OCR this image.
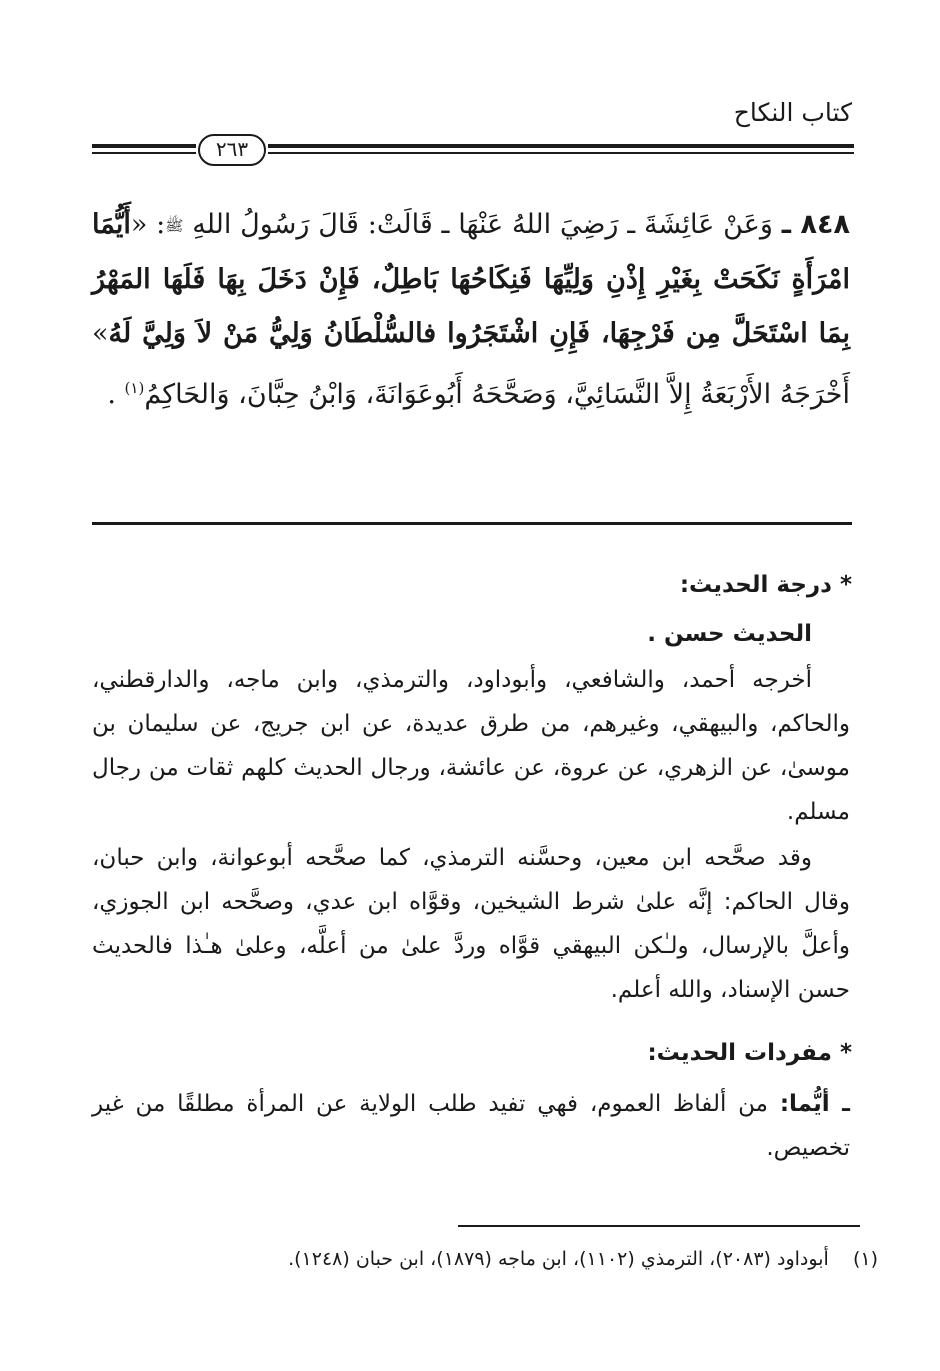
كتاب النكاح
٢٦٣
٨٤٨ ـ وَعَنْ عَائِشَةَ ـ رَضِيَ اللهُ عَنْهَا ـ قَالَتْ: قَالَ رَسُولُ اللهِ ﷺ: «أَيُّمَا امْرَأَةٍ نَكَحَتْ بِغَيْرِ إِذْنِ وَلِيِّهَا فَنِكَاحُهَا بَاطِلٌ، فَإِنْ دَخَلَ بِهَا فَلَهَا المَهْرُ بِمَا اسْتَحَلَّ مِن فَرْجِهَا، فَإِنِ اشْتَجَرُوا فالسُّلْطَانُ وَلِيُّ مَنْ لاَ وَلِيَّ لَهُ» أَخْرَجَهُ الأَرْبَعَةُ إِلاَّ النَّسَائِيَّ، وَصَحَّحَهُ أَبُوعَوَانَةَ، وَابْنُ حِبَّانَ، وَالحَاكِمُ$^{(١)}$ .
* درجة الحديث:
الحديث حسن .
أخرجه أحمد، والشافعي، وأبوداود، والترمذي، وابن ماجه، والدارقطني، والحاكم، والبيهقي، وغيرهم، من طرق عديدة، عن ابن جريج، عن سليمان بن موسىٰ، عن الزهري، عن عروة، عن عائشة، ورجال الحديث كلهم ثقات من رجال مسلم.
وقد صحَّحه ابن معين، وحسَّنه الترمذي، كما صحَّحه أبوعوانة، وابن حبان، وقال الحاكم: إنَّه علىٰ شرط الشيخين، وقوَّاه ابن عدي، وصحَّحه ابن الجوزي، وأعلَّ بالإرسال، ولـٰكن البيهقي قوَّاه وردَّ علىٰ من أعلَّه، وعلىٰ هـٰذا فالحديث حسن الإسناد، والله أعلم.
* مفردات الحديث:
ـ أيُّما: من ألفاظ العموم، فهي تفيد طلب الولاية عن المرأة مطلقًا من غير تخصيص.
(١)    أبوداود (٢٠٨٣)، الترمذي (١١٠٢)، ابن ماجه (١٨٧٩)، ابن حبان (١٢٤٨).
